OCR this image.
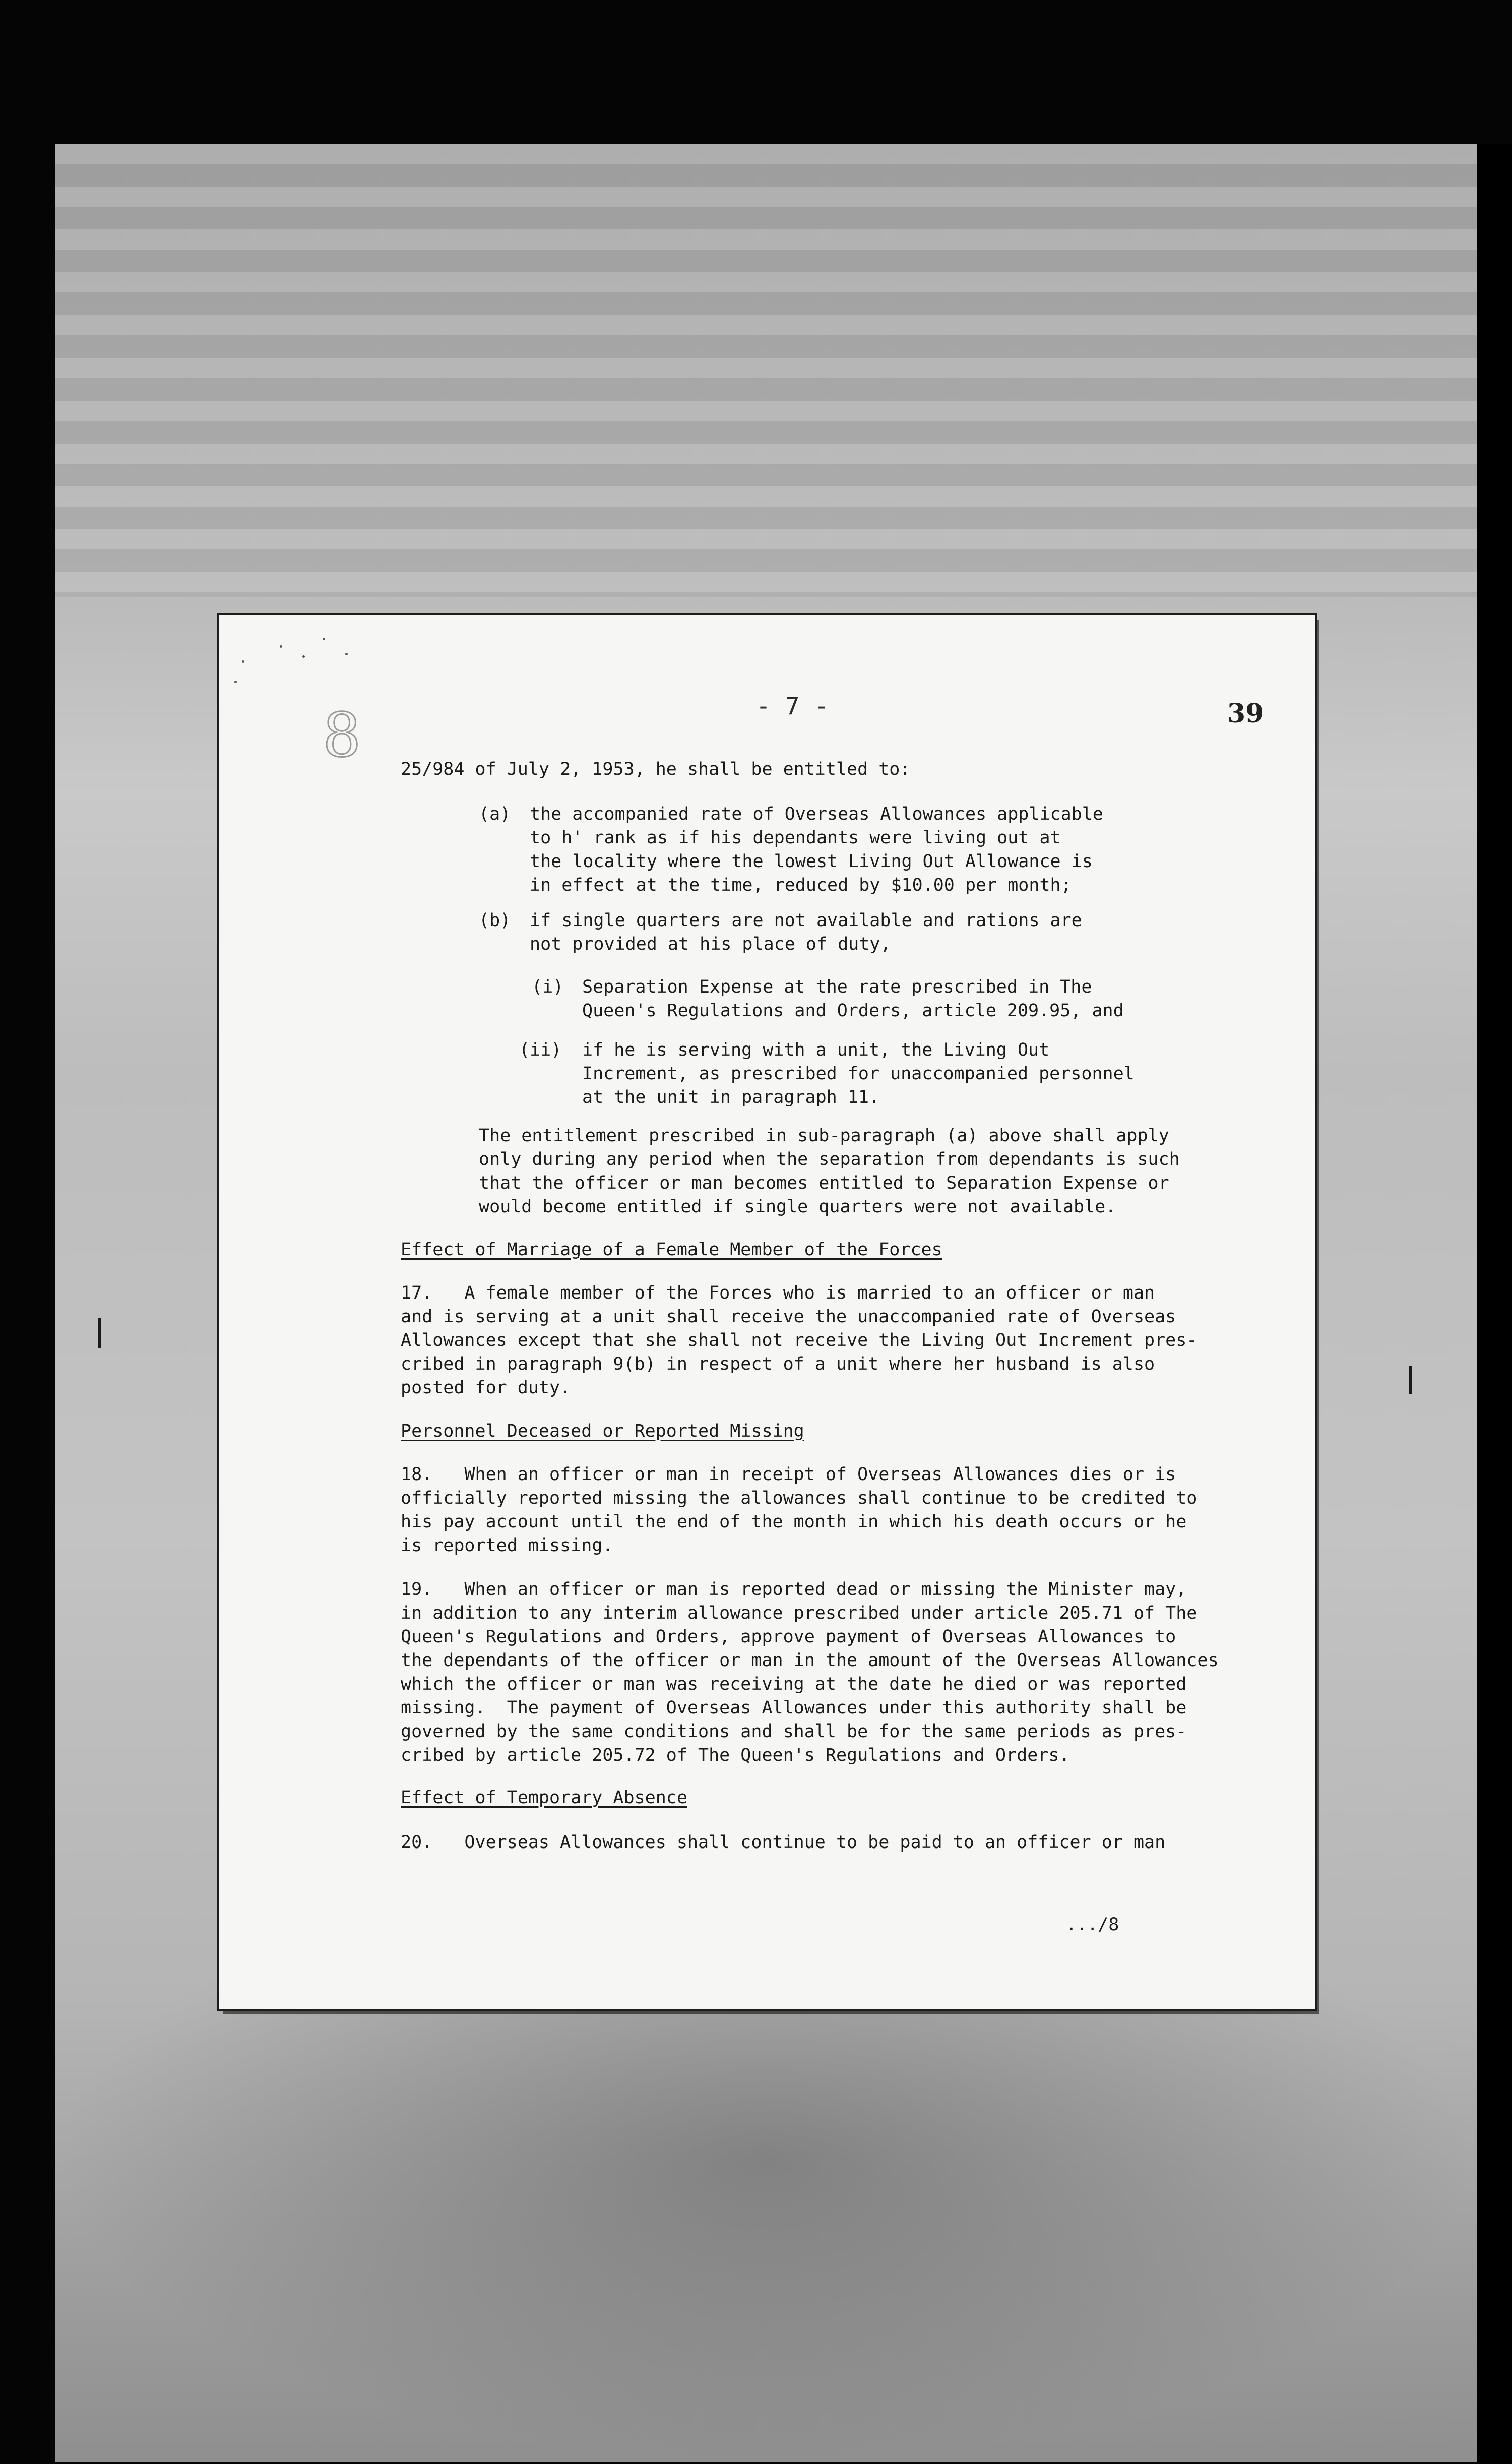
8	- 7 -	39

25/984 of July 2, 1953, he shall be entitled to:

(a) the accompanied rate of Overseas Allowances applicable

to h' rank as if his dependants were living out at

the locality where the lowest Living Out Allowance is

in effect at the time, reduced by $10.00 per month;

(b) if single quarters are not available and rations are

not provided at his place of duty,

(i) Separation Expense at the rate prescribed in The

Queen's Regulations and Orders, article 209.95, and

(ii) if he is serving with a unit, the Living Out

Increment, as prescribed for unaccompanied personnel

at the unit in paragraph 11.

The entitlement prescribed in sub-paragraph (a) above shall apply

only during any period when the separation from dependants is such

that the officer or man becomes entitled to Separation Expense or

would become entitled if single quarters were not available.

Effect of Marriage of a Female Member of the Forces

17.   A female member of the Forces who is married to an officer or man

and is serving at a unit shall receive the unaccompanied rate of Overseas

Allowances except that she shall not receive the Living Out Increment pres-

cribed in paragraph 9(b) in respect of a unit where her husband is also

posted for duty.

Personnel Deceased or Reported Missing

18.   When an officer or man in receipt of Overseas Allowances dies or is

officially reported missing the allowances shall continue to be credited to

his pay account until the end of the month in which his death occurs or he

is reported missing.

19.   When an officer or man is reported dead or missing the Minister may,

in addition to any interim allowance prescribed under article 205.71 of The

Queen's Regulations and Orders, approve payment of Overseas Allowances to

the dependants of the officer or man in the amount of the Overseas Allowances

which the officer or man was receiving at the date he died or was reported

missing.  The payment of Overseas Allowances under this authority shall be

governed by the same conditions and shall be for the same periods as pres-

cribed by article 205.72 of The Queen's Regulations and Orders.

Effect of Temporary Absence

20.   Overseas Allowances shall continue to be paid to an officer or man

.../8
